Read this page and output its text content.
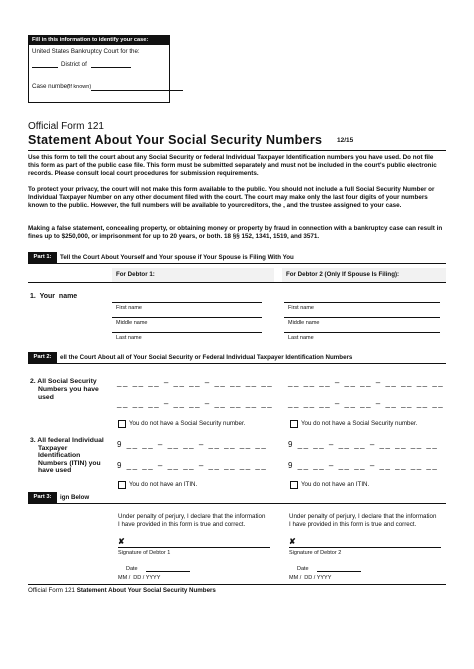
Fill in this information to identify your case:
United States Bankruptcy Court for the:
District of
Case number
(If known)
Official Form 121
Statement About Your Social Security Numbers 12/15
Use this form to tell the court about any Social Security or federal Individual Taxpayer Identification numbers you have used. Do not file this form as part of the public case file. This form must be submitted separately and must not be included in the court's public electronic records. Please consult local court procedures for submission requirements.
To protect your privacy, the court will not make this form available to the public. You should not include a full Social Security Number or Individual Taxpayer Number on any other document filed with the court. The court may make only the last four digits of your numbers known to the public. However, the full numbers will be available to yourcreditors, the , and the trustee assigned to your case.
Making a false statement, concealing property, or obtaining money or property by fraud in connection with a bankruptcy case can result in fines up to $250,000, or imprisonment for up to 20 years, or both. 18 §§ 152, 1341, 1519, and 3571.
Part 1:	Tell the Court About Yourself and Your spouse if Your Spouse is Filing With You
For Debtor 1:	For Debtor 2 (Only If Spouse Is Filing):
1.  Your  name
First name
Middle name
Last name
First name
Middle name
Last name
Part 2:	ell the Court About all of Your Social Security or Federal Individual Taxpayer Identification Numbers
2. All Social Security
Numbers you have
used
__ __ __ – __ __ – __ __ __ __
__ __ __ – __ __ – __ __ __ __
You do not have a Social Security number.
__ __ __ – __ __ – __ __ __ __
__ __ __ – __ __ – __ __ __ __
You do not have a Social Security number.
3. All federal Individual
Taxpayer
Identification
Numbers (ITIN) you
have used
9 __ __ – __ __ – __ __ __ __
9 __ __ – __ __ – __ __ __ __
You do not have an ITIN.
9 __ __ – __ __ – __ __ __ __
9 __ __ – __ __ – __ __ __ __
You do not have an ITIN.
Part 3:	ign Below
Under penalty of perjury, I declare that the information
I have provided in this form is true and correct.
✘
Signature of Debtor 1
Date
MM /  DD / YYYY
Under penalty of perjury, I declare that the information
I have provided in this form is true and correct.
✘
Signature of Debtor 2
Date
MM /  DD / YYYY
Official Form 121 Statement About Your Social Security Numbers
